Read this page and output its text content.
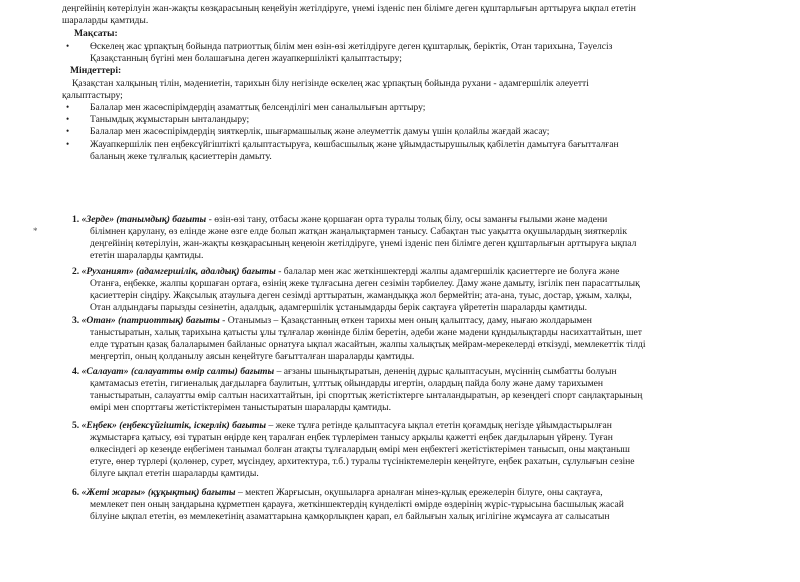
деңгейінің көтерілуін жан-жақты көзқарасының кеңейуін жетілдіруге, үнемі ізденіс пен білімге деген құштарлығын арттыруға ықпал ететін
шараларды қамтиды.
Мақсаты:
• Өскелең жас ұрпақтың бойында патриоттық білім мен өзін-өзі жетілдіруге деген құштарлық, беріктік, Отан тарихына, Тәуелсіз
Қазақстанның бүгіні мен болашағына деген жауапкершілікті қалыптастыру;
Міндеттері:
Қазақстан халқының тілін, мәдениетін, тарихын білу негізінде өскелең жас ұрпақтың бойында рухани - адамгершілік әлеуетті
қалыптастыру;
• Балалар мен жасөспірімдердің азаматтық белсенділігі мен саналылығын арттыру;
• Танымдық жұмыстарын ынталандыру;
• Балалар мен жасөспірімдердің зияткерлік, шығармашылық және әлеуметтік дамуы үшін қолайлы жағдай жасау;
• Жауапкершілік пен еңбексүйгіштікті қалыптастыруға, көшбасшылық және ұйымдастырушылық қабілетін дамытуға бағытталған
баланың жеке тұлғалық қасиеттерін дамыту.
*
1. «Зерде» (танымдық) бағыты - өзін-өзі тану, отбасы және қоршаған орта туралы толық білу, осы заманғы ғылыми және мәдени
білімнен қарулану, өз елінде және өзге елде болып жатқан жаңалықтармен танысу. Сабақтан тыс уақытта оқушылардың зияткерлік
деңгейінің көтерілуін, жан-жақты көзқарасының кеңеюін жетілдіруге, үнемі ізденіс пен білімге деген құштарлығын арттыруға ықпал
ететін шараларды қамтиды.
2. «Руханият» (адамгершілік, адалдық) бағыты - балалар мен жас жеткіншектерді жалпы адамгершілік қасиеттерге ие болуға және
Отанға, еңбекке, жалпы қоршаған ортаға, өзінің жеке тұлғасына деген сезімін тәрбиелеу. Даму және дамыту, ізгілік пен парасаттылық
қасиеттерін сіңдіру. Жақсылық атаулыға деген сезімді арттыратын, жамандыққа жол бермейтін; ата-ана, туыс, достар, ұжым, халқы,
Отан алдындағы парызды сезінетін, адалдық, адамгершілік ұстанымдарды берік сақтауға үйрететін шараларды қамтиды.
3. «Отан» (патриоттық) бағыты - Отанымыз – Қазақстанның өткен тарихы мен оның қалыптасу, даму, нығаю жолдарымен
таныстыратын, халық тарихына қатысты ұлы тұлғалар жөнінде білім беретін, әдеби және мәдени құндылықтарды насихаттайтын, шет
елде тұратын қазақ балаларымен байланыс орнатуға ықпал жасайтын, жалпы халықтық мейрам-мерекелерді өткізуді, мемлекеттік тілді
меңгертіп, оның қолданылу аясын кеңейтуге бағытталған шараларды қамтиды.
4. «Салауат» (салауатты өмір салты) бағыты – ағзаны шынықтыратын, дененің дұрыс қалыптасуын, мүсіннің сымбатты болуын
қамтамасыз ететін, гигиеналық дағдыларға баулитын, ұлттық ойындарды игертін, олардың пайда болу және даму тарихымен
таныстыратын, салауатты өмір салтын насихаттайтын, ірі спорттық жетістіктерге ынталандыратын, әр кезеңдегі спорт саңлақтарының
өмірі мен спорттағы жетістіктерімен таныстыратын шараларды қамтиды.
5. «Еңбек» (еңбексүйгіштік, іскерлік) бағыты – жеке тұлға ретінде қалыптасуға ықпал ететін қоғамдық негізде ұйымдастырылған
жұмыстарға қатысу, өзі тұратын өңірде кең таралған еңбек түрлерімен танысу арқылы қажетті еңбек дағдыларын үйрену. Туған
өлкесіндегі әр кезеңде еңбегімен танымал болған атақты тұлғалардың өмірі мен еңбектегі жетістіктерімен танысып, оны мақтаныш
етуге, өнер түрлері (қолөнер, сурет, мүсіндеу, архитектура, т.б.) туралы түсініктемелерін кеңейтуге, еңбек рахатын, сұлулығын сезіне
білуге ықпал ететін шараларды қамтиды.
6. «Жеті жарғы» (құқықтық) бағыты – мектеп Жарғысын, оқушыларға арналған мінез-құлық ережелерін білуге, оны сақтауға,
мемлекет пен оның заңдарына құрметпен қарауға, жеткіншектердің күнделікті өмірде өздерінің жүріс-тұрысына басшылық жасай
білуіне ықпал ететін, өз мемлекетінің азаматтарына қамқорлықпен қарап, ел байлығын халық игілігіне жұмсауға ат салысатын
